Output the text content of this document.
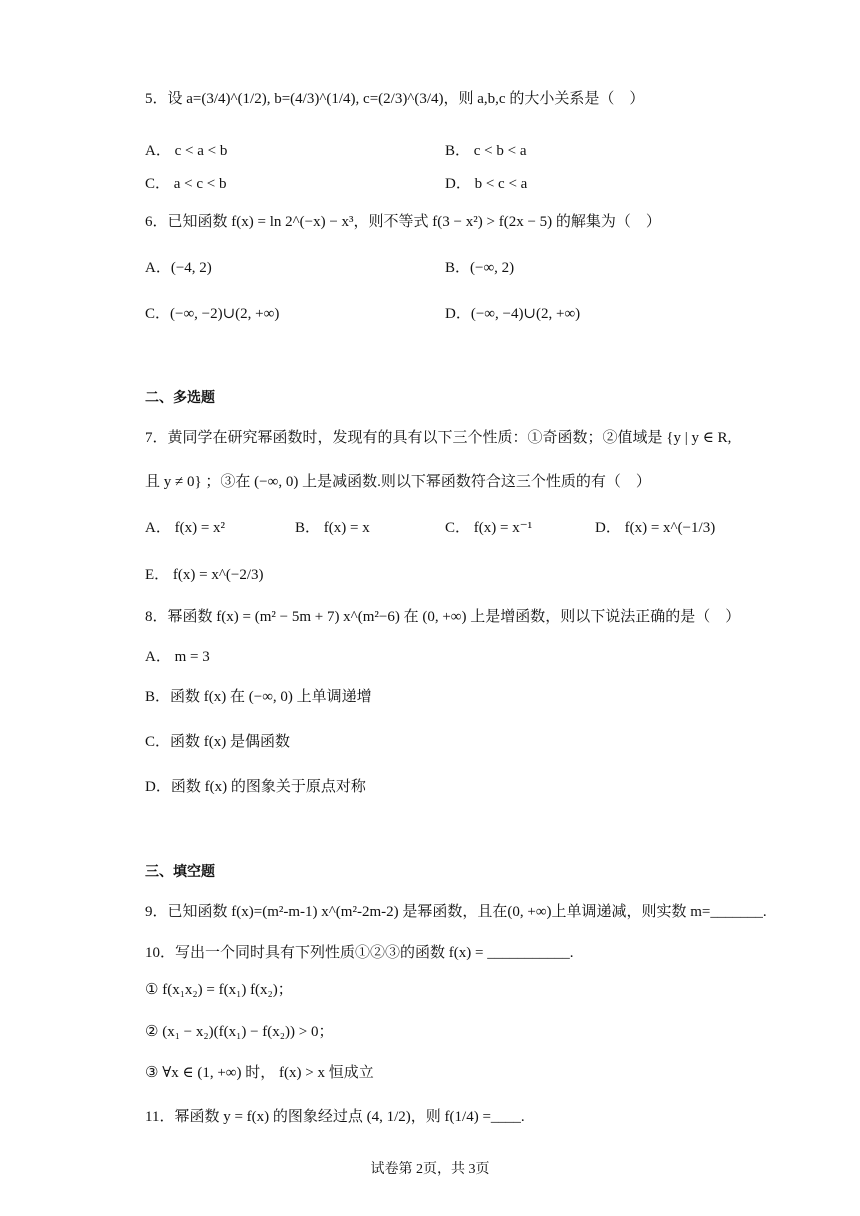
5．设 a=(3/4)^(1/2), b=(4/3)^(1/4), c=(2/3)^(3/4)，则 a,b,c 的大小关系是（　）
A． c < a < b	B． c < b < a
C． a < c < b	D． b < c < a
6．已知函数 f(x) = ln 2^(−x) − x³，则不等式 f(3 − x²) > f(2x − 5) 的解集为（　）
A．(−4, 2)	B．(−∞, 2)
C．(−∞, −2)∪(2, +∞)	D．(−∞, −4)∪(2, +∞)
二、多选题
7．黄同学在研究幂函数时，发现有的具有以下三个性质：①奇函数；②值域是 {y | y ∈ R,
且 y ≠ 0} ；③在 (−∞, 0) 上是减函数.则以下幂函数符合这三个性质的有（　）
A． f(x) = x²	B． f(x) = x	C． f(x) = x⁻¹	D． f(x) = x^(−1/3)
E． f(x) = x^(−2/3)
8．幂函数 f(x) = (m² − 5m + 7) x^(m²−6) 在 (0, +∞) 上是增函数，则以下说法正确的是（　）
A． m = 3
B．函数 f(x) 在 (−∞, 0) 上单调递增
C．函数 f(x) 是偶函数
D．函数 f(x) 的图象关于原点对称
三、填空题
9．已知函数 f(x)=(m²-m-1) x^(m²-2m-2) 是幂函数，且在(0, +∞)上单调递减，则实数 m=_______.
10．写出一个同时具有下列性质①②③的函数 f(x) = ___________.
① f(x₁x₂) = f(x₁) f(x₂)；
② (x₁ − x₂)(f(x₁) − f(x₂)) > 0；
③ ∀x ∈ (1, +∞) 时， f(x) > x 恒成立
11．幂函数 y = f(x) 的图象经过点 (4, 1/2)，则 f(1/4) =____.
试卷第 2页，共 3页
